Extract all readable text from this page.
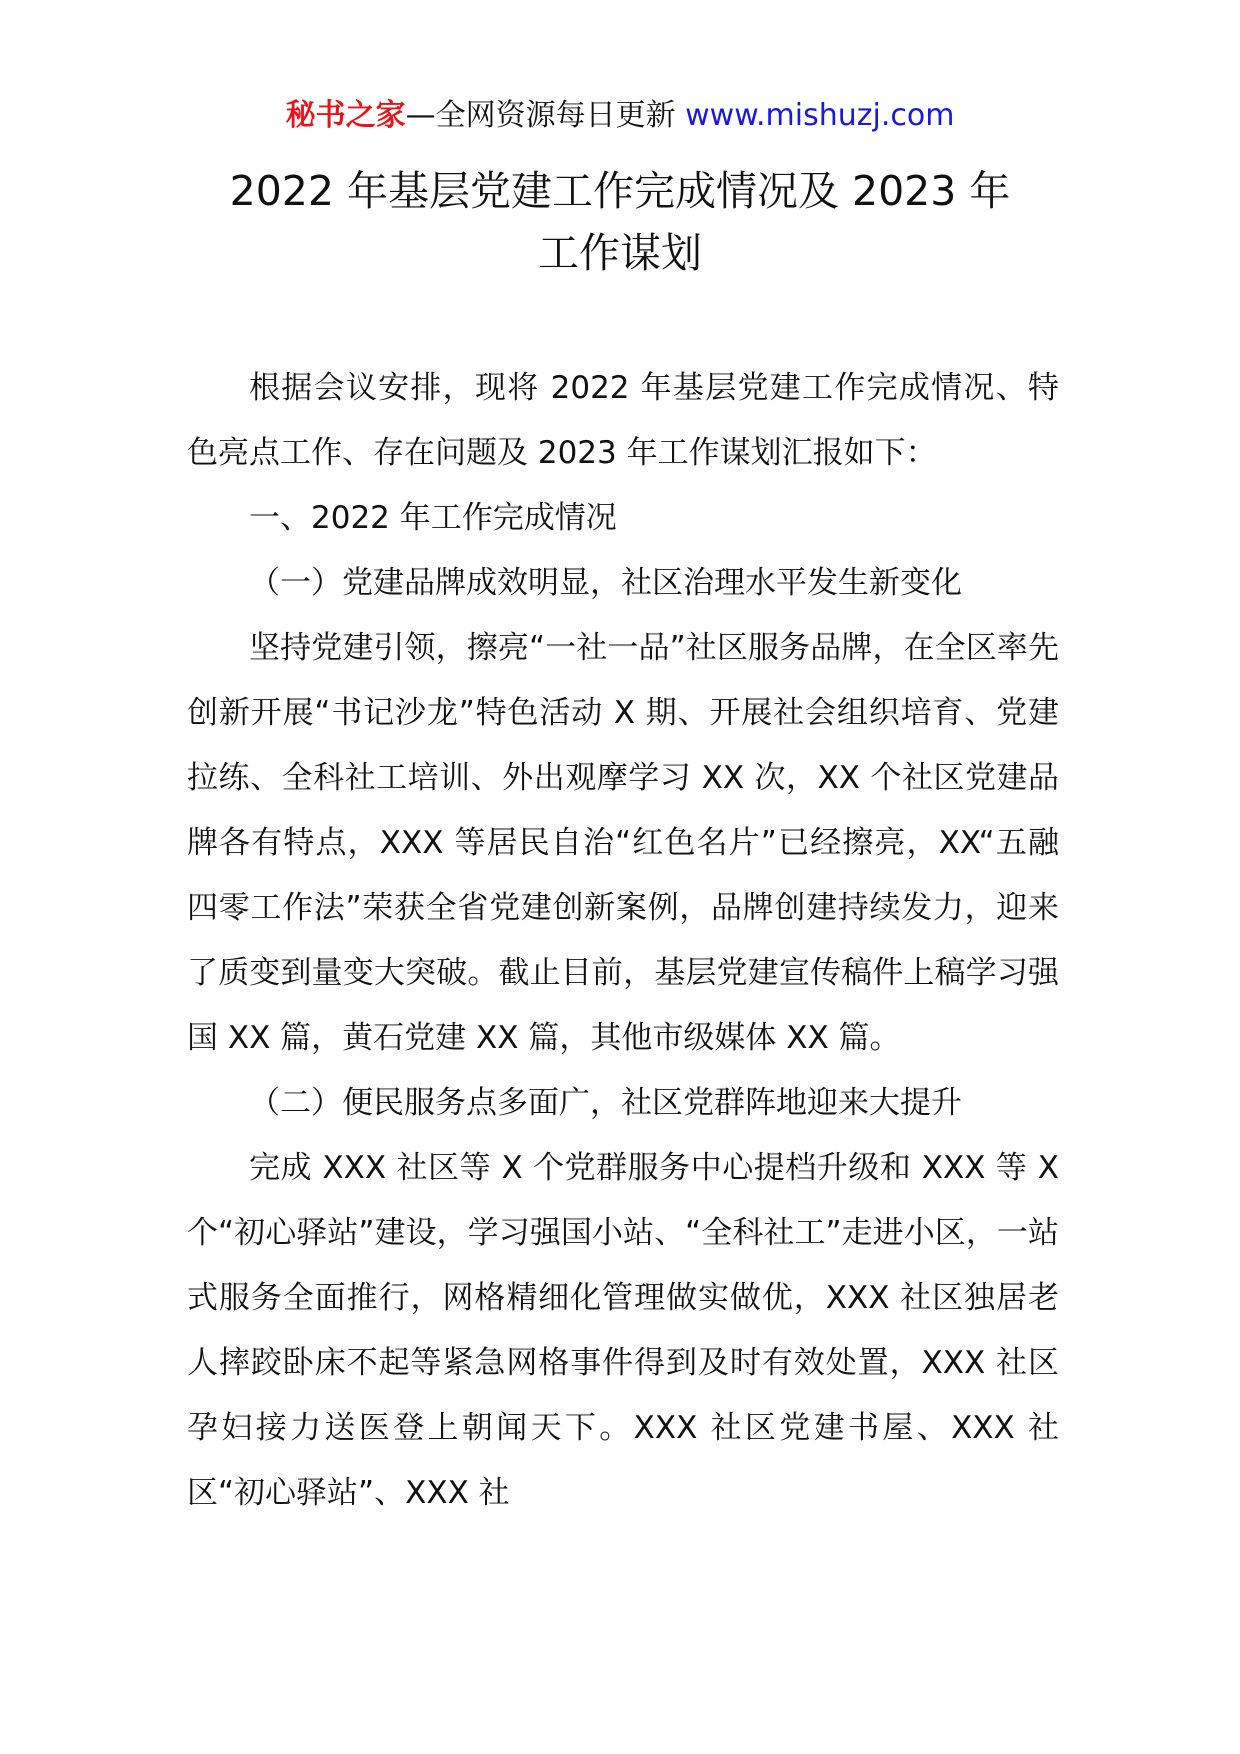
秘书之家—全网资源每日更新 www.mishuzj.com
2022 年基层党建工作完成情况及 2023 年
工作谋划

根据会议安排，现将 2022 年基层党建工作完成情况、特色亮点工作、存在问题及 2023 年工作谋划汇报如下：

一、2022 年工作完成情况

（一）党建品牌成效明显，社区治理水平发生新变化

坚持党建引领，擦亮“一社一品”社区服务品牌，在全区率先创新开展“书记沙龙”特色活动 X 期、开展社会组织培育、党建拉练、全科社工培训、外出观摩学习 XX 次，XX 个社区党建品牌各有特点，XXX 等居民自治“红色名片”已经擦亮，XX“五融四零工作法”荣获全省党建创新案例，品牌创建持续发力，迎来了质变到量变大突破。截止目前，基层党建宣传稿件上稿学习强国 XX 篇，黄石党建 XX 篇，其他市级媒体 XX 篇。

（二）便民服务点多面广，社区党群阵地迎来大提升

完成 XXX 社区等 X 个党群服务中心提档升级和 XXX 等 X 个“初心驿站”建设，学习强国小站、“全科社工”走进小区，一站式服务全面推行，网格精细化管理做实做优，XXX 社区独居老人摔跤卧床不起等紧急网格事件得到及时有效处置，XXX 社区孕妇接力送医登上朝闻天下。XXX 社区党建书屋、XXX 社区“初心驿站”、XXX 社
